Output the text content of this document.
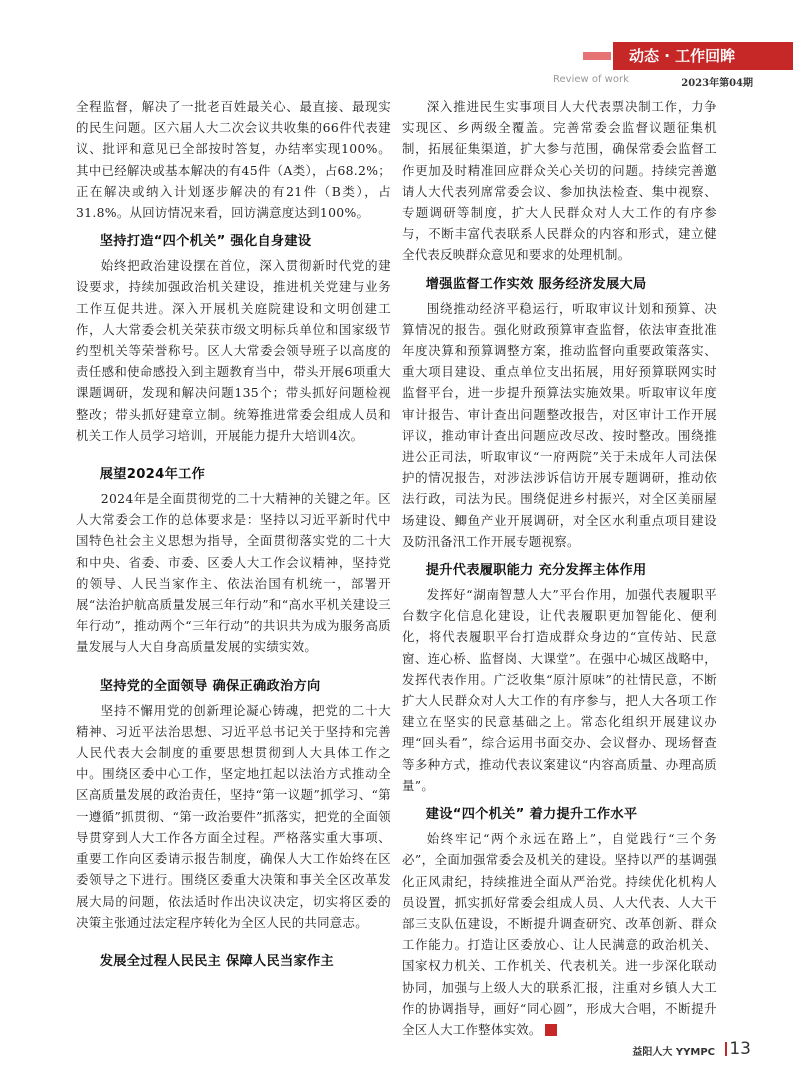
动态 · 工作回眸
Review of work	2023年第04期

全程监督，解决了一批老百姓最关心、最直接、最现实的民生问题。区六届人大二次会议共收集的66件代表建议、批评和意见已全部按时答复，办结率实现100%。其中已经解决或基本解决的有45件（A类），占68.2%；正在解决或纳入计划逐步解决的有21件（B类），占31.8%。从回访情况来看，回访满意度达到100%。

坚持打造“四个机关” 强化自身建设

始终把政治建设摆在首位，深入贯彻新时代党的建设要求，持续加强政治机关建设，推进机关党建与业务工作互促共进。深入开展机关庭院建设和文明创建工作，人大常委会机关荣获市级文明标兵单位和国家级节约型机关等荣誉称号。区人大常委会领导班子以高度的责任感和使命感投入到主题教育当中，带头开展6项重大课题调研，发现和解决问题135个；带头抓好问题检视整改；带头抓好建章立制。统筹推进常委会组成人员和机关工作人员学习培训，开展能力提升大培训4次。

展望2024年工作

2024年是全面贯彻党的二十大精神的关键之年。区人大常委会工作的总体要求是：坚持以习近平新时代中国特色社会主义思想为指导，全面贯彻落实党的二十大和中央、省委、市委、区委人大工作会议精神，坚持党的领导、人民当家作主、依法治国有机统一，部署开展“法治护航高质量发展三年行动”和“高水平机关建设三年行动”，推动两个“三年行动”的共识共为成为服务高质量发展与人大自身高质量发展的实绩实效。

坚持党的全面领导 确保正确政治方向

坚持不懈用党的创新理论凝心铸魂，把党的二十大精神、习近平法治思想、习近平总书记关于坚持和完善人民代表大会制度的重要思想贯彻到人大具体工作之中。围绕区委中心工作，坚定地扛起以法治方式推动全区高质量发展的政治责任，坚持“第一议题”抓学习、“第一遵循”抓贯彻、“第一政治要件”抓落实，把党的全面领导贯穿到人大工作各方面全过程。严格落实重大事项、重要工作向区委请示报告制度，确保人大工作始终在区委领导之下进行。围绕区委重大决策和事关全区改革发展大局的问题，依法适时作出决议决定，切实将区委的决策主张通过法定程序转化为全区人民的共同意志。

发展全过程人民民主 保障人民当家作主

深入推进民生实事项目人大代表票决制工作，力争实现区、乡两级全覆盖。完善常委会监督议题征集机制，拓展征集渠道，扩大参与范围，确保常委会监督工作更加及时精准回应群众关心关切的问题。持续完善邀请人大代表列席常委会议、参加执法检查、集中视察、专题调研等制度，扩大人民群众对人大工作的有序参与，不断丰富代表联系人民群众的内容和形式，建立健全代表反映群众意见和要求的处理机制。

增强监督工作实效 服务经济发展大局

围绕推动经济平稳运行，听取审议计划和预算、决算情况的报告。强化财政预算审查监督，依法审查批准年度决算和预算调整方案，推动监督向重要政策落实、重大项目建设、重点单位支出拓展，用好预算联网实时监督平台，进一步提升预算法实施效果。听取审议年度审计报告、审计查出问题整改报告，对区审计工作开展评议，推动审计查出问题应改尽改、按时整改。围绕推进公正司法，听取审议“一府两院”关于未成年人司法保护的情况报告，对涉法涉诉信访开展专题调研，推动依法行政，司法为民。围绕促进乡村振兴，对全区美丽屋场建设、鲫鱼产业开展调研，对全区水利重点项目建设及防汛备汛工作开展专题视察。

提升代表履职能力 充分发挥主体作用

发挥好“湖南智慧人大”平台作用，加强代表履职平台数字化信息化建设，让代表履职更加智能化、便利化，将代表履职平台打造成群众身边的“宣传站、民意窗、连心桥、监督岗、大课堂”。在强中心城区战略中，发挥代表作用。广泛收集“原汁原味”的社情民意，不断扩大人民群众对人大工作的有序参与，把人大各项工作建立在坚实的民意基础之上。常态化组织开展建议办理“回头看”，综合运用书面交办、会议督办、现场督查等多种方式，推动代表议案建议“内容高质量、办理高质量”。

建设“四个机关” 着力提升工作水平

始终牢记“两个永远在路上”，自觉践行“三个务必”，全面加强常委会及机关的建设。坚持以严的基调强化正风肃纪，持续推进全面从严治党。持续优化机构人员设置，抓实抓好常委会组成人员、人大代表、人大干部三支队伍建设，不断提升调查研究、改革创新、群众工作能力。打造让区委放心、让人民满意的政治机关、国家权力机关、工作机关、代表机关。进一步深化联动协同，加强与上级人大的联系汇报，注重对乡镇人大工作的协调指导，画好“同心圆”，形成大合唱，不断提升全区人大工作整体实效。	人

益阳人大 YYMPC 13
